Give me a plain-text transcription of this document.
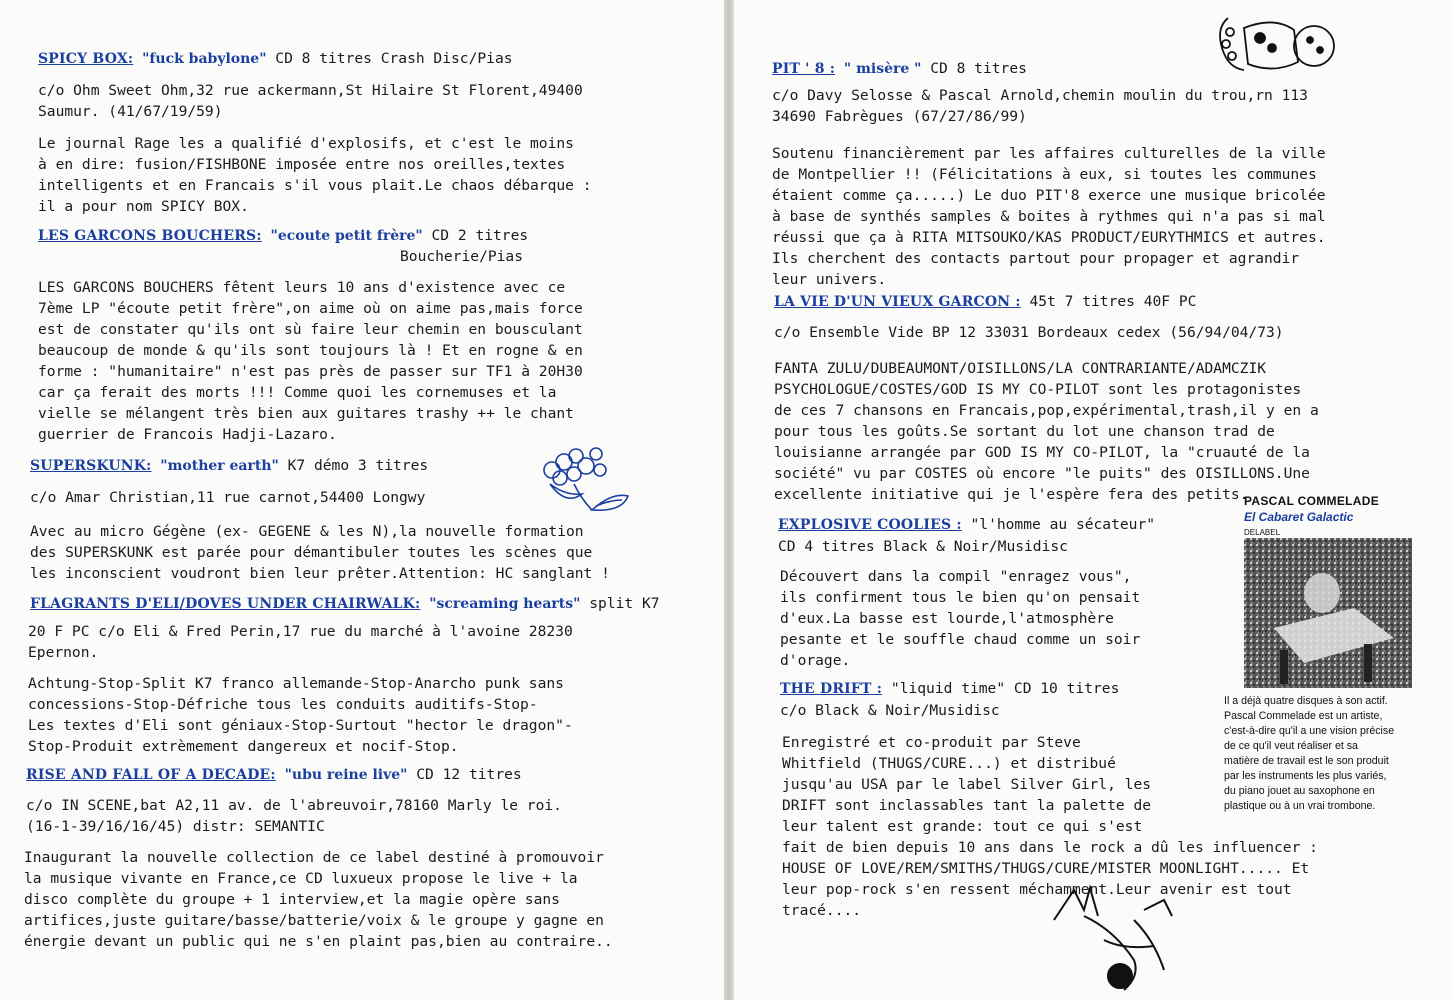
SPICY BOX: "fuck babylone" CD 8 titres Crash Disc/Pias
c/o Ohm Sweet Ohm,32 rue ackermann,St Hilaire St Florent,49400
Saumur. (41/67/19/59)
Le journal Rage les a qualifié d'explosifs, et c'est le moins
à en dire: fusion/FISHBONE imposée entre nos oreilles,textes
intelligents et en Francais s'il vous plait.Le chaos débarque :
il a pour nom SPICY BOX.
LES GARCONS BOUCHERS: "ecoute petit frère" CD 2 titres
Boucherie/Pias
LES GARCONS BOUCHERS fêtent leurs 10 ans d'existence avec ce
7ème LP "écoute petit frère",on aime où on aime pas,mais force
est de constater qu'ils ont sù faire leur chemin en bousculant
beaucoup de monde & qu'ils sont toujours là ! Et en rogne & en
forme : "humanitaire" n'est pas près de passer sur TF1 à 20H30
car ça ferait des morts !!! Comme quoi les cornemuses et la
vielle se mélangent très bien aux guitares trashy ++ le chant
guerrier de Francois Hadji-Lazaro.
SUPERSKUNK: "mother earth" K7 démo 3 titres
c/o Amar Christian,11 rue carnot,54400 Longwy
Avec au micro Gégène (ex- GEGENE & les N),la nouvelle formation
des SUPERSKUNK est parée pour démantibuler toutes les scènes que
les inconscient voudront bien leur prêter.Attention: HC sanglant !
FLAGRANTS D'ELI/DOVES UNDER CHAIRWALK: "screaming hearts" split K7
20 F PC c/o Eli & Fred Perin,17 rue du marché à l'avoine 28230
Epernon.
Achtung-Stop-Split K7 franco allemande-Stop-Anarcho punk sans
concessions-Stop-Défriche tous les conduits auditifs-Stop-
Les textes d'Eli sont géniaux-Stop-Surtout "hector le dragon"-
Stop-Produit extrèmement dangereux et nocif-Stop.
RISE AND FALL OF A DECADE: "ubu reine live" CD 12 titres
c/o IN SCENE,bat A2,11 av. de l'abreuvoir,78160 Marly le roi.
(16-1-39/16/16/45) distr: SEMANTIC
Inaugurant la nouvelle collection de ce label destiné à promouvoir
la musique vivante en France,ce CD luxueux propose le live + la
disco complète du groupe + 1 interview,et la magie opère sans
artifices,juste guitare/basse/batterie/voix & le groupe y gagne en
énergie devant un public qui ne s'en plaint pas,bien au contraire..
PIT ' 8 : " misère " CD 8 titres
c/o Davy Selosse & Pascal Arnold,chemin moulin du trou,rn 113
34690 Fabrègues (67/27/86/99)
Soutenu financièrement par les affaires culturelles de la ville
de Montpellier !! (Félicitations à eux, si toutes les communes
étaient comme ça.....) Le duo PIT'8 exerce une musique bricolée
à base de synthés samples & boites à rythmes qui n'a pas si mal
réussi que ça à RITA MITSOUKO/KAS PRODUCT/EURYTHMICS et autres.
Ils cherchent des contacts partout pour propager et agrandir
leur univers.
LA VIE D'UN VIEUX GARCON : 45t 7 titres 40F PC
c/o Ensemble Vide BP 12 33031 Bordeaux cedex (56/94/04/73)
FANTA ZULU/DUBEAUMONT/OISILLONS/LA CONTRARIANTE/ADAMCZIK
PSYCHOLOGUE/COSTES/GOD IS MY CO-PILOT sont les protagonistes
de ces 7 chansons en Francais,pop,expérimental,trash,il y en a
pour tous les goûts.Se sortant du lot une chanson trad de
louisianne arrangée par GOD IS MY CO-PILOT, la "cruauté de la
société" vu par COSTES où encore "le puits" des OISILLONS.Une
excellente initiative qui je l'espère fera des petits.
EXPLOSIVE COOLIES : "l'homme au sécateur"
CD 4 titres Black & Noir/Musidisc
Découvert dans la compil "enragez vous",
ils confirment tous le bien qu'on pensait
d'eux.La basse est lourde,l'atmosphère
pesante et le souffle chaud comme un soir
d'orage.
PASCAL COMMELADE
El Cabaret Galactic
DELABEL
Il a déjà quatre disques à son actif.
Pascal Commelade est un artiste,
c'est-à-dire qu'il a une vision précise
de ce qu'il veut réaliser et sa
matière de travail est le son produit
par les instruments les plus variés,
du piano jouet au saxophone en
plastique ou à un vrai trombone.
THE DRIFT : "liquid time" CD 10 titres
c/o Black & Noir/Musidisc
Enregistré et co-produit par Steve
Whitfield (THUGS/CURE...) et distribué
jusqu'au USA par le label Silver Girl, les
DRIFT sont inclassables tant la palette de
leur talent est grande: tout ce qui s'est
fait de bien depuis 10 ans dans le rock a dû les influencer :
HOUSE OF LOVE/REM/SMITHS/THUGS/CURE/MISTER MOONLIGHT..... Et
leur pop-rock s'en ressent méchamment.Leur avenir est tout
tracé....
